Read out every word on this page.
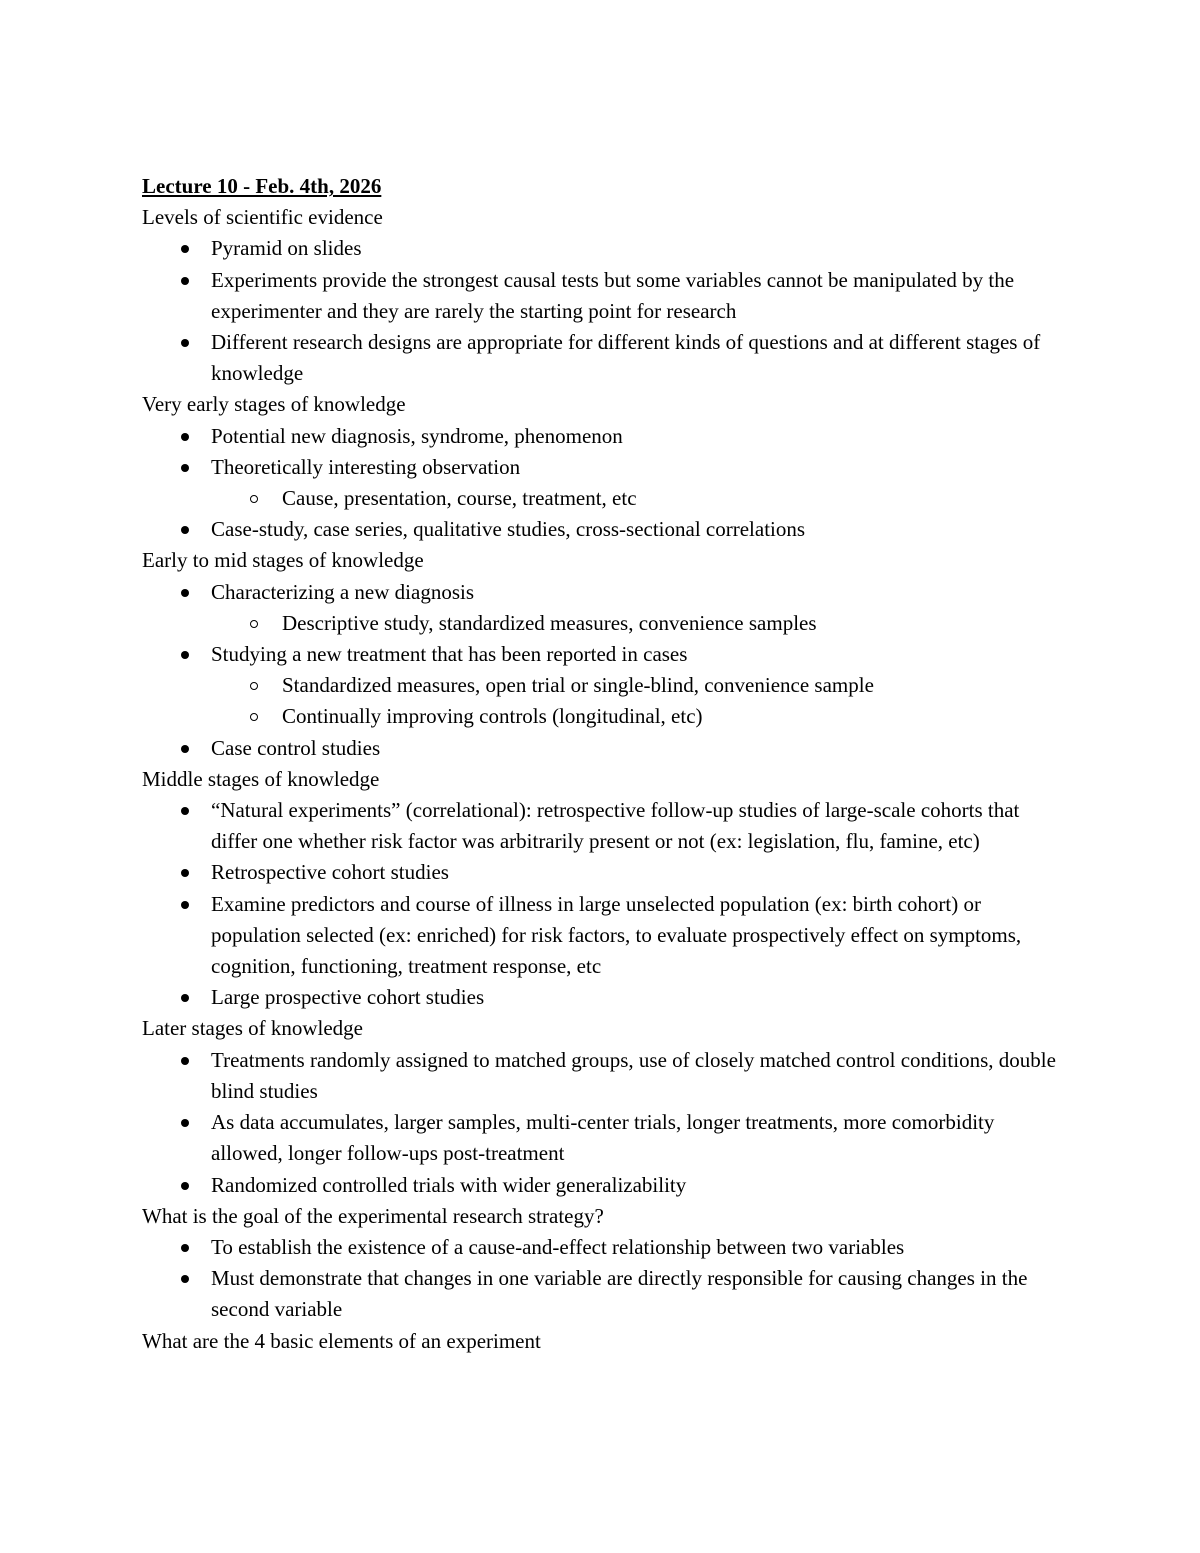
Lecture 10 - Feb. 4th, 2026

Levels of scientific evidence

Pyramid on slides
Experiments provide the strongest causal tests but some variables cannot be manipulated by the experimenter and they are rarely the starting point for research
Different research designs are appropriate for different kinds of questions and at different stages of knowledge

Very early stages of knowledge

Potential new diagnosis, syndrome, phenomenon
Theoretically interesting observation
Cause, presentation, course, treatment, etc
Case-study, case series, qualitative studies, cross-sectional correlations

Early to mid stages of knowledge

Characterizing a new diagnosis
Descriptive study, standardized measures, convenience samples
Studying a new treatment that has been reported in cases
Standardized measures, open trial or single-blind, convenience sample
Continually improving controls (longitudinal, etc)
Case control studies

Middle stages of knowledge

“Natural experiments” (correlational): retrospective follow-up studies of large-scale cohorts that differ one whether risk factor was arbitrarily present or not (ex: legislation, flu, famine, etc)
Retrospective cohort studies
Examine predictors and course of illness in large unselected population (ex: birth cohort) or population selected (ex: enriched) for risk factors, to evaluate prospectively effect on symptoms, cognition, functioning, treatment response, etc
Large prospective cohort studies

Later stages of knowledge

Treatments randomly assigned to matched groups, use of closely matched control conditions, double blind studies
As data accumulates, larger samples, multi-center trials, longer treatments, more comorbidity allowed, longer follow-ups post-treatment
Randomized controlled trials with wider generalizability

What is the goal of the experimental research strategy?

To establish the existence of a cause-and-effect relationship between two variables
Must demonstrate that changes in one variable are directly responsible for causing changes in the second variable

What are the 4 basic elements of an experiment
